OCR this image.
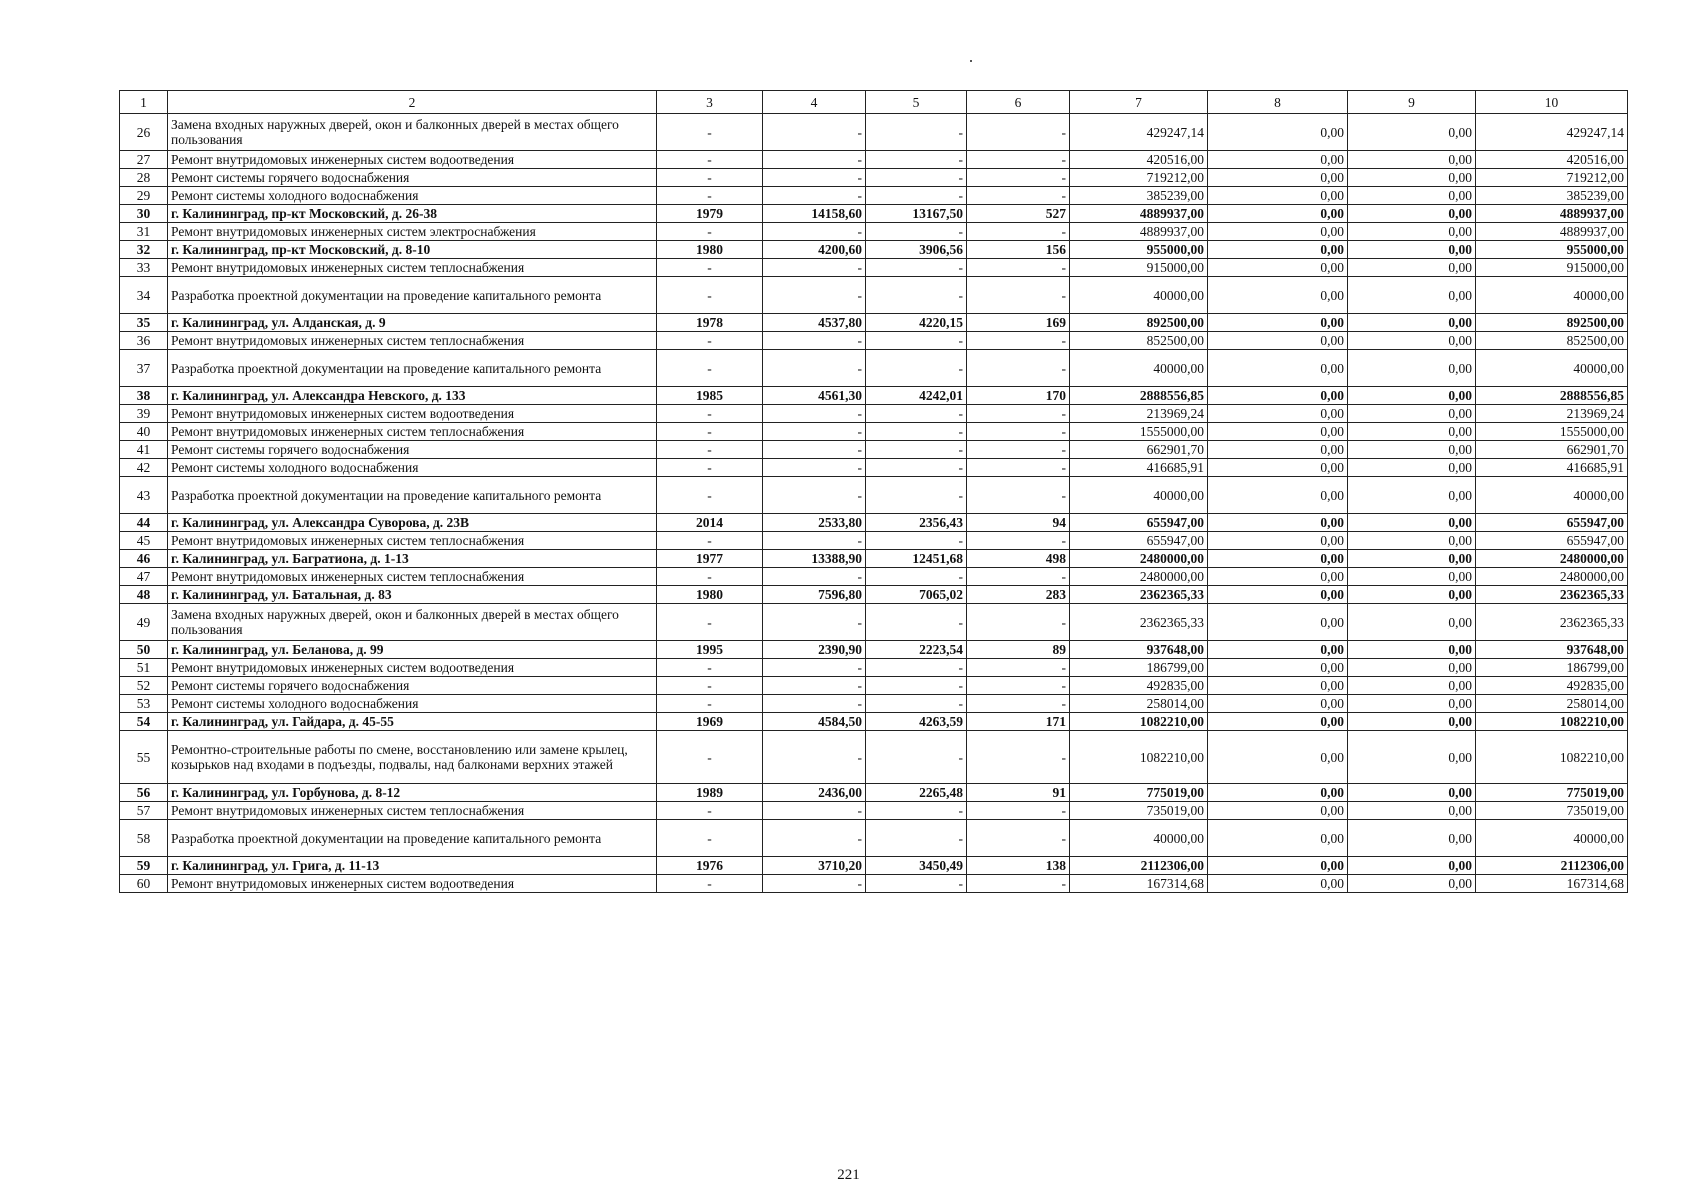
1	2	3	4	5	6	7	8	9	10
26	Замена входных наружных дверей, окон и балконных дверей в местах общего пользования	-	-	-	-	429247,14	0,00	0,00	429247,14
27	Ремонт внутридомовых инженерных систем водоотведения	-	-	-	-	420516,00	0,00	0,00	420516,00
28	Ремонт системы горячего водоснабжения	-	-	-	-	719212,00	0,00	0,00	719212,00
29	Ремонт системы холодного водоснабжения	-	-	-	-	385239,00	0,00	0,00	385239,00
30	г. Калининград, пр-кт Московский, д. 26-38	1979	14158,60	13167,50	527	4889937,00	0,00	0,00	4889937,00
31	Ремонт внутридомовых инженерных систем электроснабжения	-	-	-	-	4889937,00	0,00	0,00	4889937,00
32	г. Калининград, пр-кт Московский, д. 8-10	1980	4200,60	3906,56	156	955000,00	0,00	0,00	955000,00
33	Ремонт внутридомовых инженерных систем теплоснабжения	-	-	-	-	915000,00	0,00	0,00	915000,00
34	Разработка проектной документации на проведение капитального ремонта	-	-	-	-	40000,00	0,00	0,00	40000,00
35	г. Калининград, ул. Алданская, д. 9	1978	4537,80	4220,15	169	892500,00	0,00	0,00	892500,00
36	Ремонт внутридомовых инженерных систем теплоснабжения	-	-	-	-	852500,00	0,00	0,00	852500,00
37	Разработка проектной документации на проведение капитального ремонта	-	-	-	-	40000,00	0,00	0,00	40000,00
38	г. Калининград, ул. Александра Невского, д. 133	1985	4561,30	4242,01	170	2888556,85	0,00	0,00	2888556,85
39	Ремонт внутридомовых инженерных систем водоотведения	-	-	-	-	213969,24	0,00	0,00	213969,24
40	Ремонт внутридомовых инженерных систем теплоснабжения	-	-	-	-	1555000,00	0,00	0,00	1555000,00
41	Ремонт системы горячего водоснабжения	-	-	-	-	662901,70	0,00	0,00	662901,70
42	Ремонт системы холодного водоснабжения	-	-	-	-	416685,91	0,00	0,00	416685,91
43	Разработка проектной документации на проведение капитального ремонта	-	-	-	-	40000,00	0,00	0,00	40000,00
44	г. Калининград, ул. Александра Суворова, д. 23В	2014	2533,80	2356,43	94	655947,00	0,00	0,00	655947,00
45	Ремонт внутридомовых инженерных систем теплоснабжения	-	-	-	-	655947,00	0,00	0,00	655947,00
46	г. Калининград, ул. Багратиона, д. 1-13	1977	13388,90	12451,68	498	2480000,00	0,00	0,00	2480000,00
47	Ремонт внутридомовых инженерных систем теплоснабжения	-	-	-	-	2480000,00	0,00	0,00	2480000,00
48	г. Калининград, ул. Батальная, д. 83	1980	7596,80	7065,02	283	2362365,33	0,00	0,00	2362365,33
49	Замена входных наружных дверей, окон и балконных дверей в местах общего пользования	-	-	-	-	2362365,33	0,00	0,00	2362365,33
50	г. Калининград, ул. Беланова, д. 99	1995	2390,90	2223,54	89	937648,00	0,00	0,00	937648,00
51	Ремонт внутридомовых инженерных систем водоотведения	-	-	-	-	186799,00	0,00	0,00	186799,00
52	Ремонт системы горячего водоснабжения	-	-	-	-	492835,00	0,00	0,00	492835,00
53	Ремонт системы холодного водоснабжения	-	-	-	-	258014,00	0,00	0,00	258014,00
54	г. Калининград, ул. Гайдара, д. 45-55	1969	4584,50	4263,59	171	1082210,00	0,00	0,00	1082210,00
55	Ремонтно-строительные работы по смене, восстановлению или замене крылец, козырьков над входами в подъезды, подвалы, над балконами верхних этажей	-	-	-	-	1082210,00	0,00	0,00	1082210,00
56	г. Калининград, ул. Горбунова, д. 8-12	1989	2436,00	2265,48	91	775019,00	0,00	0,00	775019,00
57	Ремонт внутридомовых инженерных систем теплоснабжения	-	-	-	-	735019,00	0,00	0,00	735019,00
58	Разработка проектной документации на проведение капитального ремонта	-	-	-	-	40000,00	0,00	0,00	40000,00
59	г. Калининград, ул. Грига, д. 11-13	1976	3710,20	3450,49	138	2112306,00	0,00	0,00	2112306,00
60	Ремонт внутридомовых инженерных систем водоотведения	-	-	-	-	167314,68	0,00	0,00	167314,68
221
